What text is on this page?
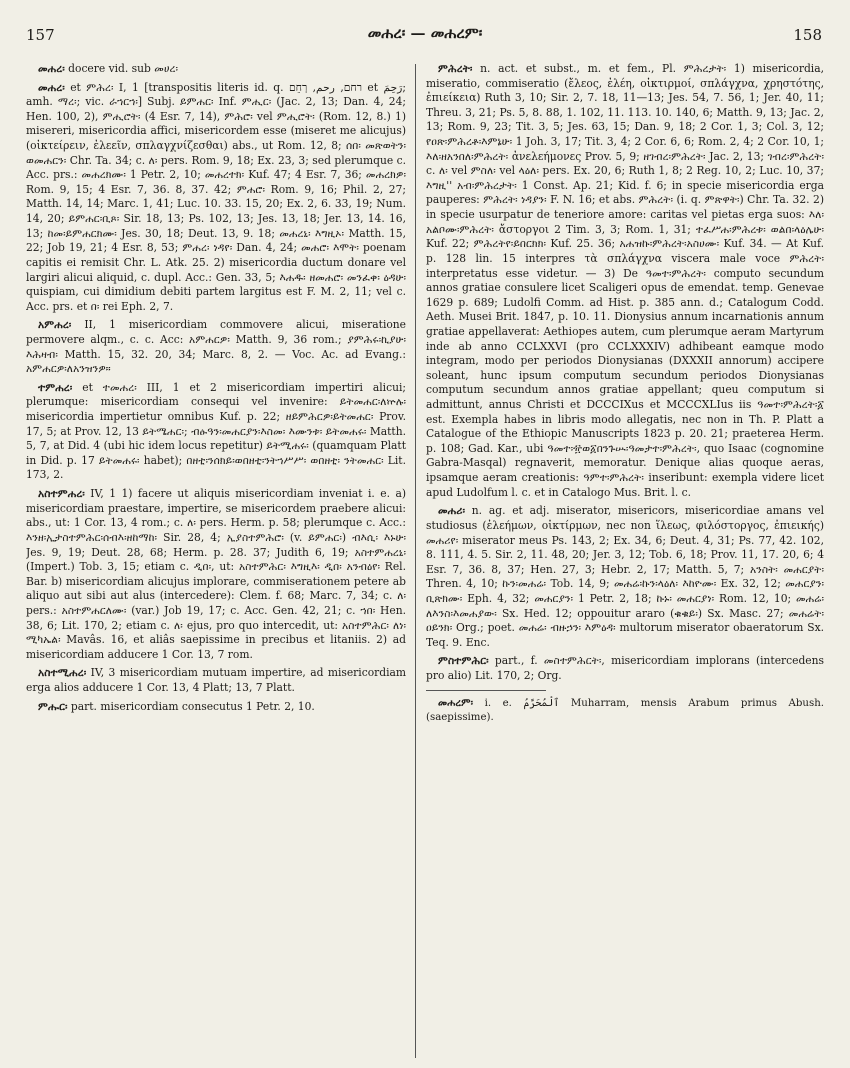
157	መሐረ፡ — መሐረም፡	158

መሐረ፡ docere vid. sub መሀረ፡

መሐረ፡ et ምሕረ፡ I, 1 [transpositis literis id. q. רחם, رحم, רְחֵם et رَحِمَ; amh. ማረ፡; vic. ራኀርኀ፡] Subj. ይምሐር፡ Inf. ምሒር፡ (Jac. 2, 13; Dan. 4, 24; Hen. 100, 2), ምሒሮት፡ (4 Esr. 7, 14), ምሕሮ፡ vel ምሒሮት፡ (Rom. 12, 8.) 1) misereri, misericordia affici, misericordem esse (miseret me alicujus) (οἰκτείρειν, ἐλεεῖν, σπλαγχνίζεσθαι) abs., ut Rom. 12, 8; ሰበ፡ መጽወትን፡ ወመሐርን፡ Chr. Ta. 34; c. ለ፡ pers. Rom. 9, 18; Ex. 23, 3; sed plerumque c. Acc. prs.: መሐረክሙ፡ 1 Petr. 2, 10; መሐረተክ፡ Kuf. 47; 4 Esr. 7, 36; መሐረክዎ፡ Rom. 9, 15; 4 Esr. 7, 36. 8, 37. 42; ምሐሮ፡ Rom. 9, 16; Phil. 2, 27; Matth. 14, 14; Marc. 1, 41; Luc. 10. 33. 15, 20; Ex. 2, 6. 33, 19; Num. 14, 20; ይምሐር፡ቢጾ፡ Sir. 18, 13; Ps. 102, 13; Jes. 13, 18; Jer. 13, 14. 16, 13; ከመ፡ይምሐርክሙ፡ Jes. 30, 18; Deut. 13, 9. 18; መሐረኒ፡ እግዚኦ፡ Matth. 15, 22; Job 19, 21; 4 Esr. 8, 53; ምሐረ፡ ነዳየ፡ Dan. 4, 24; መሐሮ፡ እሞት፡ poenam capitis ei remisit Chr. L. Atk. 25. 2) misericordia ductum donare vel largiri alicui aliquid, c. dupl. Acc.: Gen. 33, 5; እሐዱ፡ ዘመሐሮ፡ መንፈቀ፡ ዕዳሁ፡ quispiam, cui dimidium debiti partem largitus est F. M. 2, 11; vel c. Acc. prs. et በ፡ rei Eph. 2, 7.

አምሐረ፡ II, 1 misericordiam commovere alicui, miseratione permovere alqm., c. c. Acc: አምሐርዎ፡ Matth. 9, 36 rom.; ያምሕሩ፡ኪያሁ፡ እሕዛብ፡ Matth. 15, 32. 20, 34; Marc. 8, 2. — Voc. Ac. ad Evang.: አምሐርዎ፡ለአንዝንዎ።

ተምሐረ፡ et ተመሐረ፡ III, 1 et 2 misericordiam impertiri alicui; plerumque: misericordiam consequi vel invenire: ይትመሐር፡ለኵሉ፡ misericordia impertietur omnibus Kuf. p. 22; ዘይምሕርዎ፡ይትመሐር፡ Prov. 17, 5; at Prov. 12, 13 ይትሜሐር፡; ብፁዓን፡መሐርያን፡እስመ፡ እሙንቱ፡ ይትመሐሩ፡ Matth. 5, 7, at Did. 4 (ubi hic idem locus repetitur) ይትሚሐሩ፡ (quamquam Platt in Did. p. 17 ይትመሐሩ፡ habet); በዘቲ፡ንሰክይ፡ወበዘቲ፡ንትኀሥሥ፡ ወበዘቲ፡ ንትመሐር፡ Lit. 173, 2.

አስተምሐረ፡ IV, 1 1) facere ut aliquis misericordiam inveniat i. e. a) misericordiam praestare, impertire, se misericordem praebere alicui: abs., ut: 1 Cor. 13, 4 rom.; c. ለ፡ pers. Herm. p. 58; plerumque c. Acc.: እንዘ፡ኢታስተምሕር፡ሰብእ፡ዘከማከ፡ Sir. 28, 4; ኢያስተምሕሮ፡ (v. ይምሐር፡) ብእሲ፡ እኑሁ፡ Jes. 9, 19; Deut. 28, 68; Herm. p. 28. 37; Judith 6, 19; አስተምሐረኒ፡ (Impert.) Tob. 3, 15; etiam c. ዲበ፡, ut: አስተምሕር፡ እግዚእ፡ ዲበ፡ አንብዕየ፡ Rel. Bar. b) misericordiam alicujus implorare, commiserationem petere ab aliquo aut sibi aut alus (intercedere): Clem. f. 68; Marc. 7, 34; c. ለ፡ pers.: አስተምሐርለሙ፡ (var.) Job 19, 17; c. Acc. Gen. 42, 21; c. ኀበ፡ Hen. 38, 6; Lit. 170, 2; etiam c. ለ፡ ejus, pro quo intercedit, ut: አስተምሕር፡ ለነ፡ ሚካኤል፡ Mavâs. 16, et aliâs saepissime in precibus et litaniis. 2) ad misericordiam adducere 1 Cor. 13, 7 rom.

አስተሚሐረ፡ IV, 3 misericordiam mutuam impertire, ad misericordiam erga alios adducere 1 Cor. 13, 4 Platt; 13, 7 Platt.

ምሑር፡ part. misericordiam consecutus 1 Petr. 2, 10.

ምሕረት፡ n. act. et subst., m. et fem., Pl. ምሕረታት፡ 1) misericordia, miseratio, commiseratio (ἔλεος, ἐλέη, οἰκτιρμοί, σπλάγχνα, χρηστότης, ἐπιείκεια) Ruth 3, 10; Sir. 2, 7. 18, 11—13; Jes. 54, 7. 56, 1; Jer. 40, 11; Threu. 3, 21; Ps. 5, 8. 88, 1. 102, 11. 113. 10. 140, 6; Matth. 9, 13; Jac. 2, 13; Rom. 9, 23; Tit. 3, 5; Jes. 63, 15; Dan. 9, 18; 2 Cor. 1, 3; Col. 3, 12; የዐጽ፡ምሕረቶ፡እምኔሁ፡ 1 Joh. 3, 17; Tit. 3, 4; 2 Cor. 6, 6; Rom. 2, 4; 2 Cor. 10, 1; እለ፡ዘአንበለ፡ምሕረት፡ ἀνελεήμονες Prov. 5, 9; ዘገብረ፡ምሕረት፡ Jac. 2, 13; ገብረ፡ምሕረት፡ c. ለ፡ vel ምስለ፡ vel ላዕለ፡ pers. Ex. 20, 6; Ruth 1, 8; 2 Reg. 10, 2; Luc. 10, 37; እግዚ'' አብ፡ምሕረታት፡ 1 Const. Ap. 21; Kid. f. 6; in specie misericordia erga pauperes: ምሕረት፡ ነዳያን፡ F. N. 16; et abs. ምሕረት፡ (i. q. ምጽዋት፡) Chr. Ta. 32. 2) in specie usurpatur de teneriore amore: caritas vel pietas erga suos: እለ፡አልቦሙ፡ምሕረት፡ ἄστοργοι 2 Tim. 3, 3; Rom. 1, 31; ተፈሥሐ፡ምሕረቱ፡ ወልበ፡ላዕሌሁ፡ Kuf. 22; ምሕረትየ፡ይበርክክ፡ Kuf. 25. 36; አሐዝኩ፡ምሕረት፡አስሀሙ፡ Kuf. 34. — At Kuf. p. 128 lin. 15 interpres τὰ σπλάγχνα viscera male voce ምሕረት፡ interpretatus esse videtur. — 3) De ዓመተ፡ምሕረት፡ computo secundum annos gratiae consulere licet Scaligeri opus de emendat. temp. Genevae 1629 p. 689; Ludolfi Comm. ad Hist. p. 385 ann. d.; Catalogum Codd. Aeth. Musei Brit. 1847, p. 10. 11. Dionysius annum incarnationis annum gratiae appellaverat: Aethiopes autem, cum plerumque aeram Martyrum inde ab anno CCLXXVI (pro CCLXXXIV) adhibeant eamque modo integram, modo per periodos Dionysianas (DXXXII annorum) accipere soleant, hunc ipsum computum secundum periodos Dionysianas computum secundum annos gratiae appellant; queu computum si admittunt, annus Christi et DCCCIXus et MCCCXLIus iis ዓመተ፡ምሕረት፡፩ est. Exempla habes in libris modo allegatis, nec non in Th. P. Platt a Catalogue of the Ethiopic Manuscripts 1823 p. 20. 21; praeterea Herm. p. 108; Gad. Kar., ubi ዓመተ፡፹ወ፩በንጉሡ፡ዓመታተ፡ምሕረት፡, quo Isaac (cognomine Gabra-Masqal) regnaverit, memoratur. Denique alias quoque aeras, ipsamque aeram creationis: ዓምተ፡ምሕረት፡ inseribunt: exempla videre licet apud Ludolfum l. c. et in Catalogo Mus. Brit. l. c.

መሐሪ፡ n. ag. et adj. miserator, misericors, misericordiae amans vel studiosus (ἐλεήμων, οἰκτίρμων, nec non ἵλεως, φιλόστοργος, ἐπιεικής) መሐሪየ፡ miserator meus Ps. 143, 2; Ex. 34, 6; Deut. 4, 31; Ps. 77, 42. 102, 8. 111, 4. 5. Sir. 2, 11. 48, 20; Jer. 3, 12; Tob. 6, 18; Prov. 11, 17. 20, 6; 4 Esr. 7, 36. 8, 37; Hen. 27, 3; Hebr. 2, 17; Matth. 5, 7; አንስት፡ መሐርያት፡ Thren. 4, 10; ኩን፡መሐሬ፡ Tob. 14, 9; መሐሬ፡ኩን፡ላዕለ፡ እከዮሙ፡ Ex. 32, 12; መሐርያን፡ ቢጽክሙ፡ Eph. 4, 32; መሐርያን፡ 1 Petr. 2, 18; ኩኑ፡ መሐርያነ፡ Rom. 12, 10; መሐሬ፡ለእንስ፡እመሐያው፡ Sx. Hed. 12; oppouitur ararо (ቁቁይ፡) Sx. Masc. 27; መሐሬት፡ ዐይንክ፡ Org.; poet. መሐሬ፡ ብዙኃን፡ እምዕዳ፡ multorum miserator obaeratorum Sx. Teq. 9. Enc.

ምስተምሕር፡ part., f. መስተምሕርት፡, misericordiam implorans (intercedens pro alio) Lit. 170, 2; Org.

መሐረም፡ i. e. ٱلْمُحَرَّمُ Muharram, mensis Arabum primus Abush. (saepissime).
